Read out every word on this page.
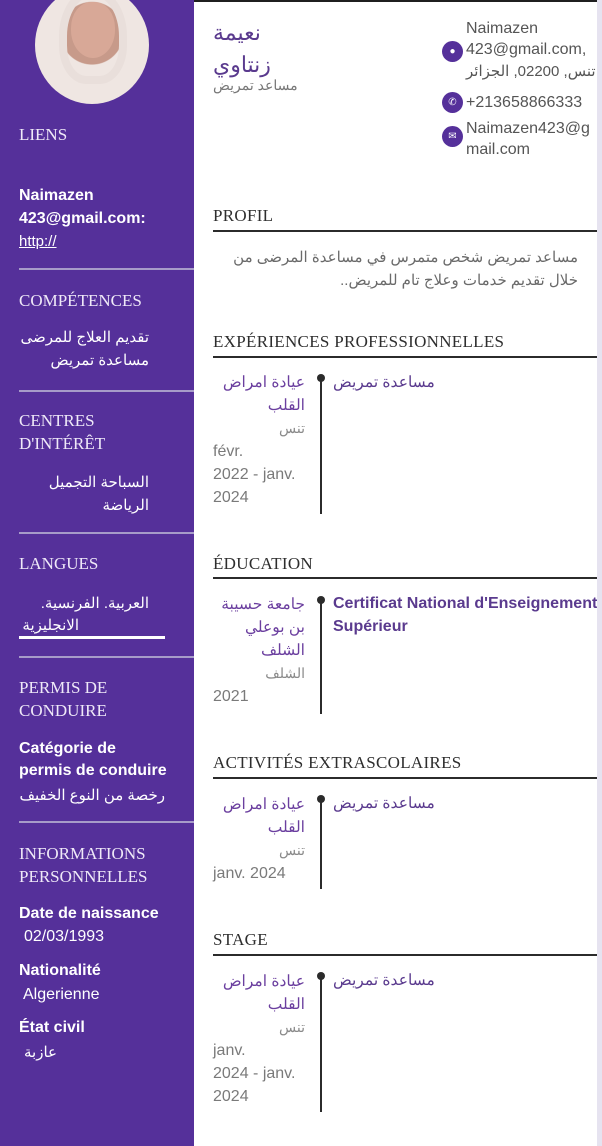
LIENS
Naimazen
423@gmail.com:
http://
COMPÉTENCES
تقديم العلاج للمرضى
مساعدة تمريض
CENTRES
D'INTÉRÊT
السباحة التجميل
الرياضة
LANGUES
العربية. الفرنسية.
الانجليزية
PERMIS DE
CONDUIRE
Catégorie de
permis de conduire
رخصة من النوع الخفيف
INFORMATIONS
PERSONNELLES
Date de naissance
02/03/1993
Nationalité
Algerienne
État civil
عازبة
نعيمة
زنتاوي
مساعد تمريض
●
Naimazen
423@gmail.com,
تنس, 02200, الجزائر
✆ +213658866333
✉ Naimazen423@g
mail.com
PROFIL
مساعد تمريض شخص متمرس في مساعدة المرضى من خلال تقديم خدمات وعلاج تام للمريض..
EXPÉRIENCES PROFESSIONNELLES
عيادة امراض
القلب
تنس
févr.
2022 - janv.
2024
مساعدة تمريض
ÉDUCATION
جامعة حسيبة
بن بوعلي
الشلف
الشلف
2021
Certificat National d'Enseignement
Supérieur
ACTIVITÉS EXTRASCOLAIRES
عيادة امراض
القلب
تنس
janv. 2024
مساعدة تمريض
STAGE
عيادة امراض
القلب
تنس
janv.
2024 - janv.
2024
مساعدة تمريض
